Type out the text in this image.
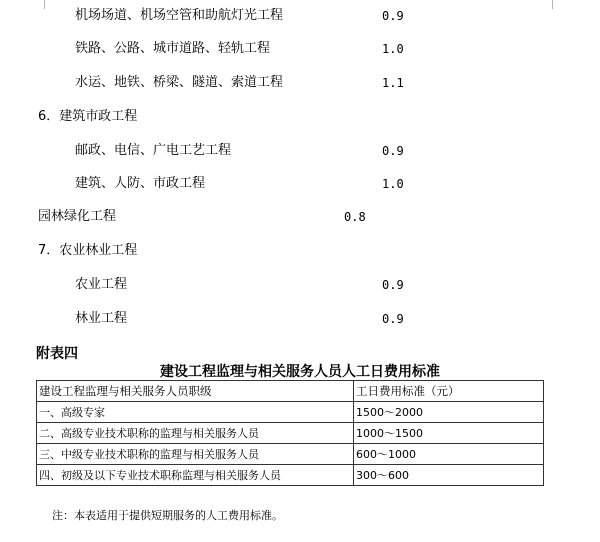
机场场道、机场空管和助航灯光工程	0.9
铁路、公路、城市道路、轻轨工程	1.0
水运、地铁、桥梁、隧道、索道工程	1.1
6．建筑市政工程
邮政、电信、广电工艺工程	0.9
建筑、人防、市政工程	1.0
园林绿化工程	0.8
7．农业林业工程
农业工程	0.9
林业工程	0.9
附表四
建设工程监理与相关服务人员人工日费用标准
建设工程监理与相关服务人员职级	工日费用标准（元）
一、高级专家	1500～2000
二、高级专业技术职称的监理与相关服务人员	1000～1500
三、中级专业技术职称的监理与相关服务人员	600～1000
四、初级及以下专业技术职称监理与相关服务人员	300～600
注：本表适用于提供短期服务的人工费用标准。
